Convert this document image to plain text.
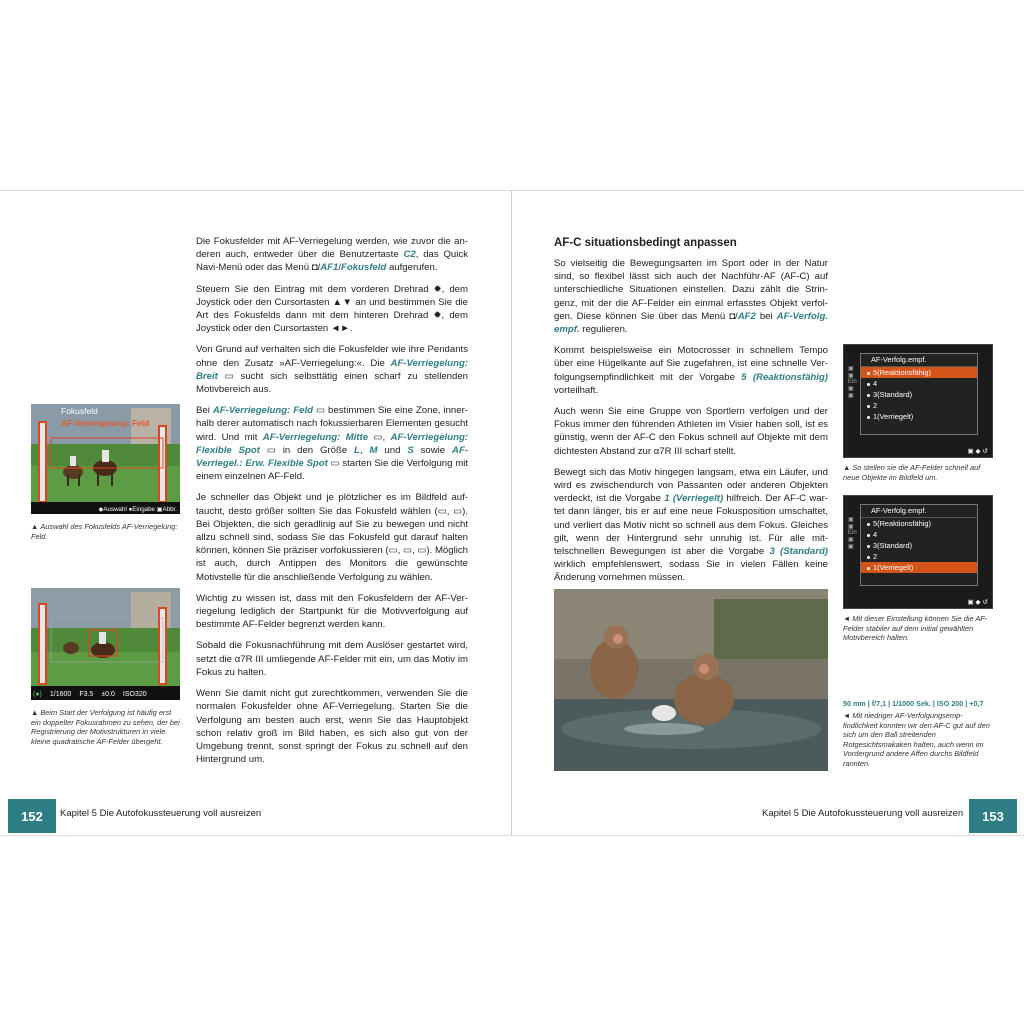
Die Fokusfelder mit AF-Verriegelung werden, wie zuvor die anderen auch, entweder über die Benutzertaste C2, das Quick Navi-Menü oder das Menü ◘/AF1/Fokusfeld aufgerufen.

Steuern Sie den Eintrag mit dem vorderen Drehrad ✹, dem Joystick oder den Cursortasten ▲▼ an und bestimmen Sie die Art des Fokusfelds dann mit dem hinteren Drehrad ✹, dem Joystick oder den Cursortasten ◄►.

Von Grund auf verhalten sich die Fokusfelder wie ihre Pendants ohne den Zusatz »AF-Verriegelung:«. Die AF-Verriegelung: Breit ▭ sucht sich selbsttätig einen scharf zu stellenden Motivbereich aus.

Bei AF-Verriegelung: Feld ▭ bestimmen Sie eine Zone, innerhalb derer automatisch nach fokussierbaren Elementen gesucht wird. Und mit AF-Verriegelung: Mitte ▭, AF-Verriegelung: Flexible Spot ▭ in den Größe L, M und S sowie AF-Verriegel.: Erw. Flexible Spot ▭ starten Sie die Verfolgung mit einem einzelnen AF-Feld.

Je schneller das Objekt und je plötzlicher es im Bildfeld auftaucht, desto größer sollten Sie das Fokusfeld wählen (▭, ▭). Bei Objekten, die sich geradlinig auf Sie zu bewegen und nicht allzu schnell sind, sodass Sie das Fokusfeld gut darauf halten können, können Sie präziser vorfokussieren (▭, ▭, ▭). Möglich ist auch, durch Antippen des Monitors die gewünschte Motivstelle für die anschließende Verfolgung zu wählen.

Wichtig zu wissen ist, dass mit den Fokusfeldern der AF-Verriegelung lediglich der Startpunkt für die Motivverfolgung auf bestimmte AF-Felder begrenzt werden kann.

Sobald die Fokusnachführung mit dem Auslöser gestartet wird, setzt die α7R III umliegende AF-Felder mit ein, um das Motiv im Fokus zu halten.

Wenn Sie damit nicht gut zurechtkommen, verwenden Sie die normalen Fokusfelder ohne AF-Verriegelung. Starten Sie die Verfolgung am besten auch erst, wenn Sie das Hauptobjekt schon relativ groß im Bild haben, es sich also gut von der Umgebung trennt, sonst springt der Fokus zu schnell auf den Hintergrund um.

Fokusfeld
AF-Verriegelung: Feld
◆Auswahl ●Eingabe ▣Abbr.
▲ Auswahl des Fokusfelds AF-Verriegelung: Feld.
(●) 1/1600 F3.5 ±0.0 ISO320
▲ Beim Start der Verfolgung ist häufig erst ein doppelter Fokusrahmen zu sehen, der bei Registrierung der Motivstrukturen in viele kleine quadratische AF-Felder übergeht.
152	Kapitel 5 Die Autofokussteuerung voll ausreizen
AF-C situationsbedingt anpassen

So vielseitig die Bewegungsarten im Sport oder in der Natur sind, so flexibel lässt sich auch der Nachführ-AF (AF-C) auf unterschiedliche Situationen einstellen. Dazu zählt die Stringenz, mit der die AF-Felder ein einmal erfasstes Objekt verfolgen. Diese können Sie über das Menü ◘/AF2 bei AF-Verfolg. empf. regulieren.

Kommt beispielsweise ein Motocrosser in schnellem Tempo über eine Hügelkante auf Sie zugefahren, ist eine schnelle Verfolgungsempfindlichkeit mit der Vorgabe 5 (Reaktionsfähig) vorteilhaft.

Auch wenn Sie eine Gruppe von Sportlern verfolgen und der Fokus immer den führenden Athleten im Visier haben soll, ist es günstig, wenn der AF-C den Fokus schnell auf Objekte mit dem dichtesten Abstand zur α7R III scharf stellt.

Bewegt sich das Motiv hingegen langsam, etwa ein Läufer, und wird es zwischendurch von Passanten oder anderen Objekten verdeckt, ist die Vorgabe 1 (Verriegelt) hilfreich. Der AF-C wartet dann länger, bis er auf eine neue Fokusposition umschaltet, und verliert das Motiv nicht so schnell aus dem Fokus. Gleiches gilt, wenn der Hintergrund sehr unruhig ist. Für alle mittelschnellen Bewegungen ist aber die Vorgabe 3 (Standard) wirklich empfehlenswert, sodass Sie in vielen Fällen keine Änderung vornehmen müssen.

▣
▣
Ein
▣
▣
AF-Verfolg.empf.
5(Reaktionsfähig)
4
3(Standard)
2
1(Verriegelt)
▣ ◆ ↺
▲ So stellen sie die AF-Felder schnell auf neue Objekte im Bildfeld um.
▣
▣
Ein
▣
▣
AF-Verfolg.empf.
5(Reaktionsfähig)
4
3(Standard)
2
1(Verriegelt)
▣ ◆ ↺
◄ Mit dieser Einstellung können Sie die AF-Felder stabiler auf dem initial gewählten Motivbereich halten.
50 mm | f/7,1 | 1/1000 Sek. | ISO 200 | +0,7
◄ Mit niedriger AF-Verfolgungsempfindlichkeit konnten wir den AF-C gut auf den sich um den Ball streitenden Rotgesichtsmakaken halten, auch wenn im Vordergrund andere Affen durchs Bildfeld rannten.
Kapitel 5 Die Autofokussteuerung voll ausreizen	153
